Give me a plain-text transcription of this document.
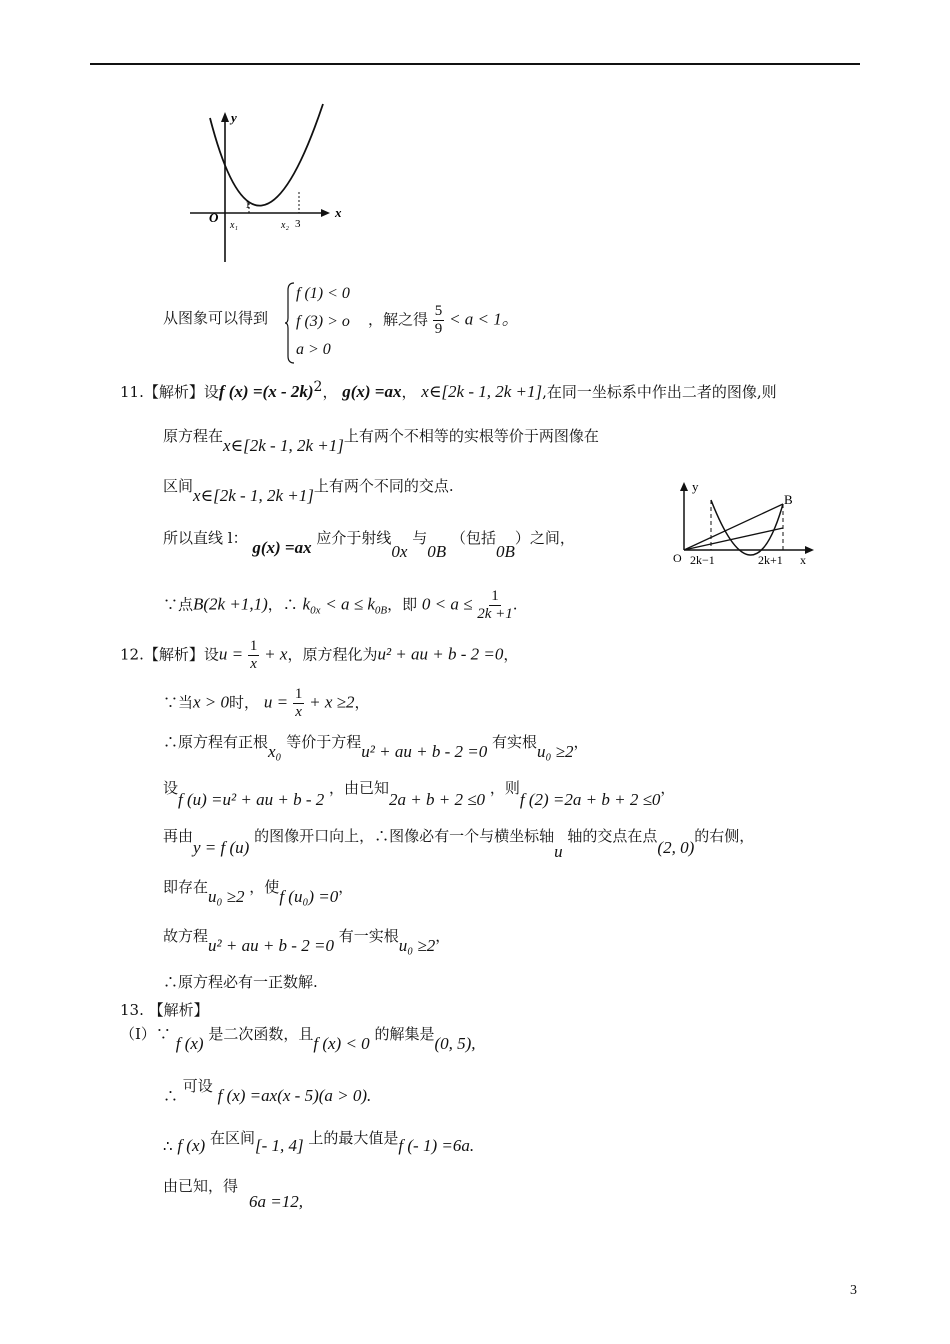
y
x
O
1
x₁	x₂ 3
从图象可以得到
f (1) < 0
f (3) > o
a > 0
，解之得 $\frac{5}{9} < a < 1$。
11.【解析】设f (x) =(x - 2k)$^2$， g(x) =ax， x∈[2k - 1, 2k +1],在同一坐标系中作出二者的图像,则
原方程在x∈[2k - 1, 2k +1]上有两个不相等的实根等价于两图像在
区间x∈[2k - 1, 2k +1]上有两个不同的交点.
所以直线 l： g(x) =ax 应介于射线0x 与0B （包括0B）之间，
∵点B(2k +1,1)，∴ $k_{0x} < a \le k_{0B}$，即 $0 < a \le \frac{1}{2k +1}$ .
y
B
O 2k−1	2k+1 x
12.【解析】设$u = \frac{1}{x} + x$，原方程化为u² + au + b - 2 =0，
∵当x > 0时， $u = \frac{1}{x} + x \ge 2$，
∴原方程有正根x₀ 等价于方程u² + au + b - 2 =0 有实根u₀ ≥2，
设f (u) =u² + au + b - 2 ，由已知2a + b + 2 ≤0 ，则f (2) =2a + b + 2 ≤0，
再由y = f (u) 的图像开口向上，∴图像必有一个与横坐标轴u 轴的交点在点(2, 0)的右侧，
即存在u₀ ≥2 ，使f (u₀) =0，
故方程u² + au + b - 2 =0 有一实根u₀ ≥2，
∴原方程必有一正数解.
13. 【解析】
（I）∵ f (x) 是二次函数，且f (x) < 0 的解集是(0, 5),
∴ 可设 f (x) =ax(x - 5)(a > 0).
∴ f (x) 在区间[- 1, 4] 上的最大值是f (- 1) =6a.
由已知，得
6a =12,
3
